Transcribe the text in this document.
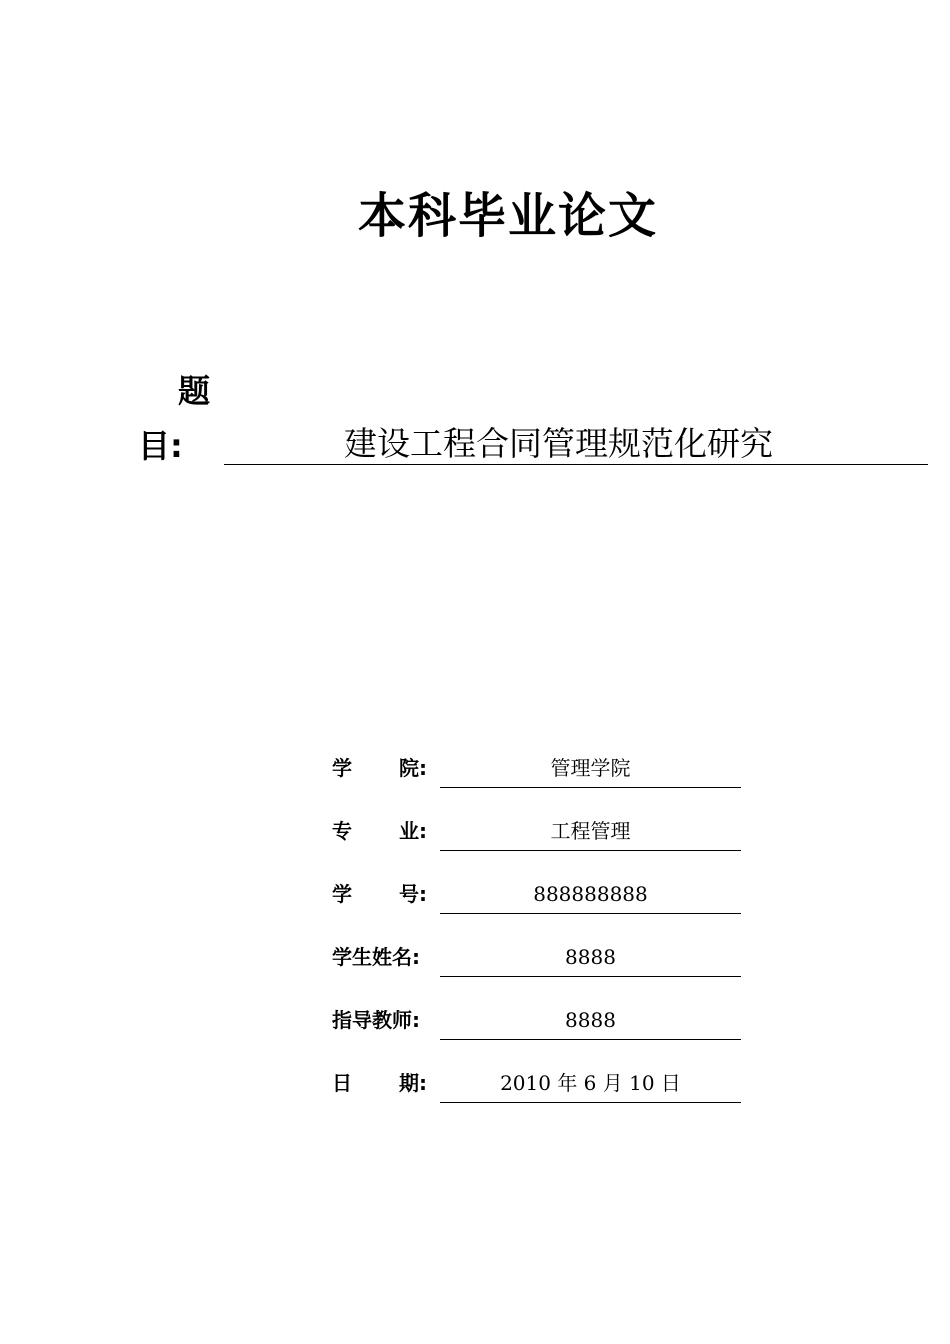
本科毕业论文
题
目:	建设工程合同管理规范化研究
学 院:	管理学院
专 业:	工程管理
学 号:	888888888
学生姓名:	8888
指导教师:	8888
日 期:	2010 年 6 月 10 日
